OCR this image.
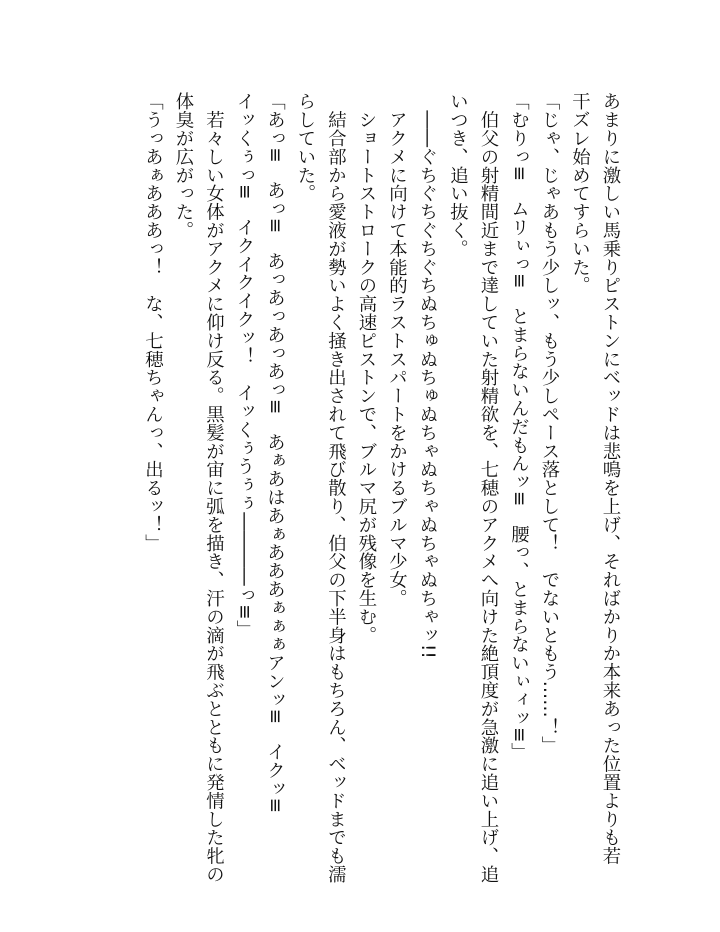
あまりに激しい馬乗りピストンにベッドは悲鳴を上げ、そればかりか本来あった位置よりも若
干ズレ始めてすらいた。
「じゃ、じゃあもう少しッ、もう少しペース落として！　でないともう……！」
「むりっ≡　ムリぃっ≡　とまらないんだもんッ≡　腰っ、とまらないぃィッ≡」
　伯父の射精間近まで達していた射精欲を、七穂のアクメへ向けた絶頂度が急激に追い上げ、追
いつき、追い抜く。
　――ぐちぐちぐちぐちぬちゅぬちゅぬちゃぬちゃぬちゃぬちゃッ!!
　アクメに向けて本能的ラストスパートをかけるブルマ少女。
　ショートストロークの高速ピストンで、ブルマ尻が残像を生む。
　結合部から愛液が勢いよく掻き出されて飛び散り、伯父の下半身はもちろん、ベッドまでも濡
らしていた。
「あっ≡　あっ≡　あっあっあっあっ≡　あぁあはあぁあああぁぁぁアンッ≡　イクッ≡
イッくぅっ≡　イクイクイクッ！　イッくぅうぅぅ――――っ≡」
　若々しい女体がアクメに仰け反る。黒髪が宙に弧を描き、汗の滴が飛ぶとともに発情した牝の
体臭が広がった。
「うっあぁあああっ！　な、七穂ちゃんっ、出るッ！」
